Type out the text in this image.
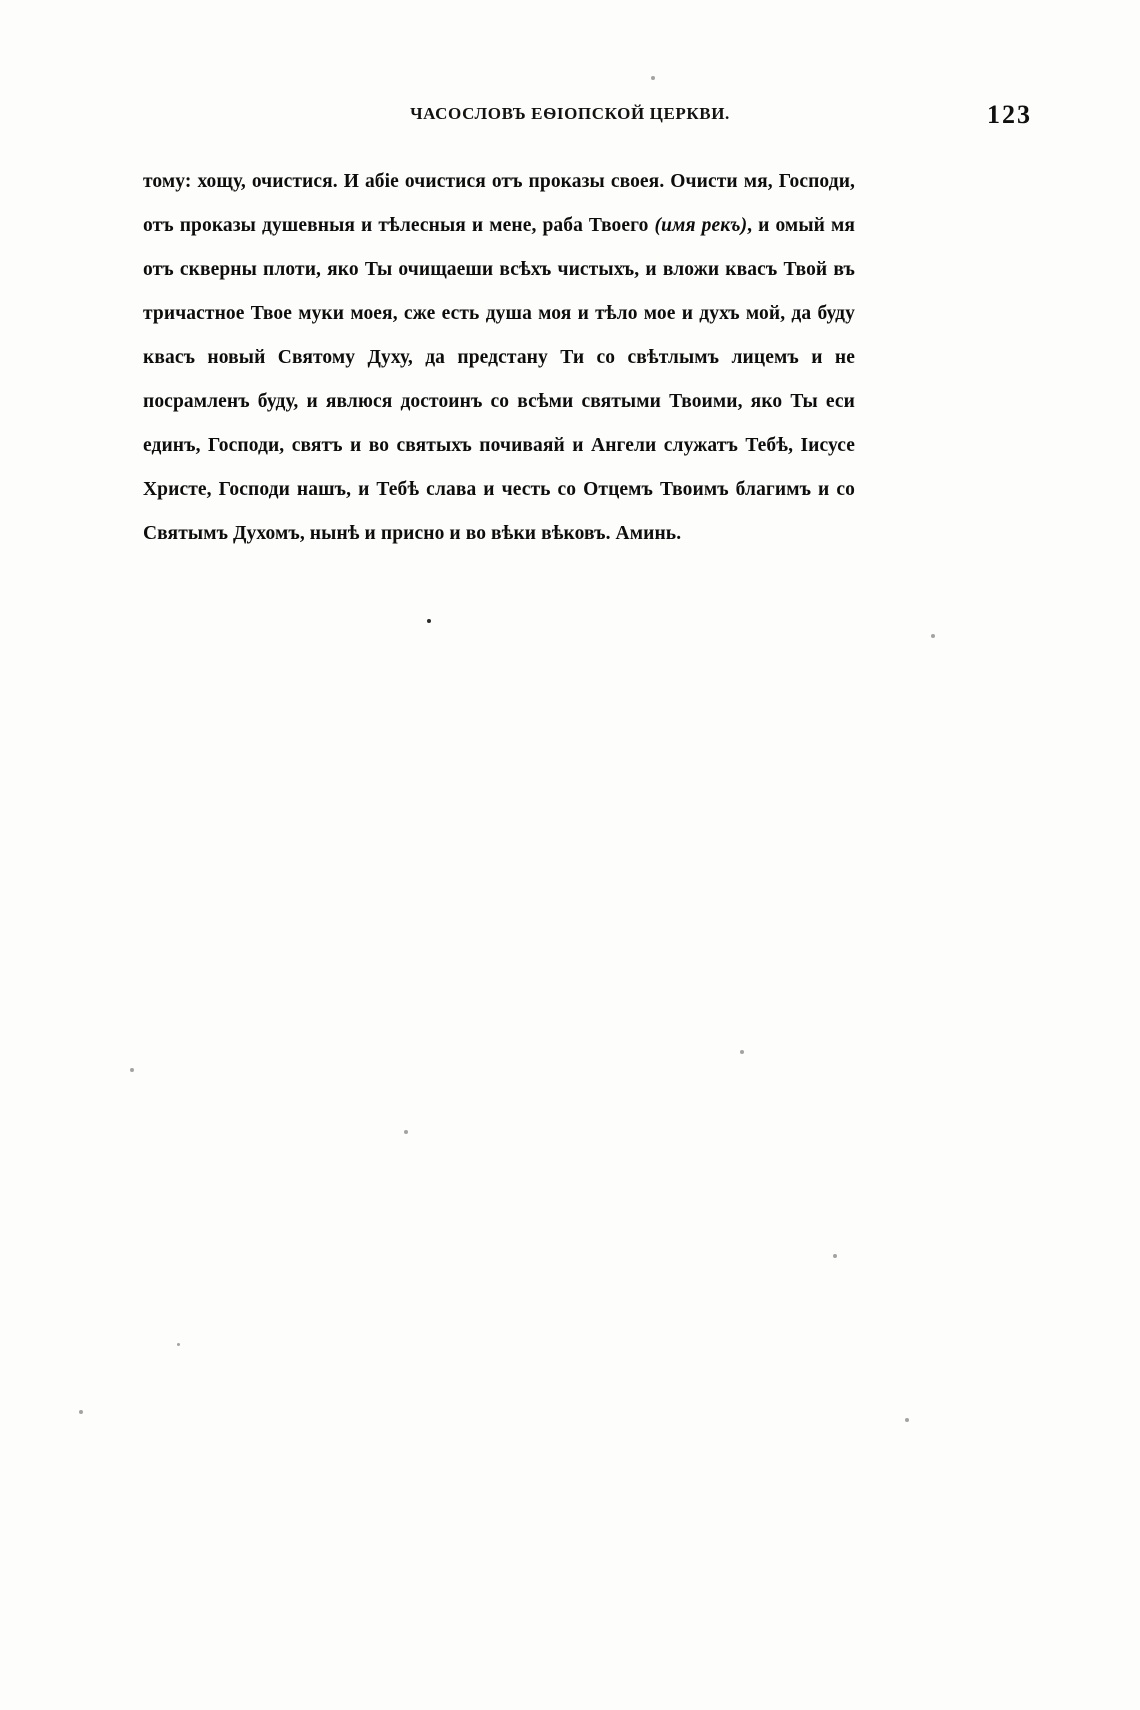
ЧАСОСЛОВЪ ЕѲІОПСКОЙ ЦЕРКВИ.	123

тому: хощу, очистися. И абіе очистися отъ проказы своея. Очисти мя, Господи, отъ проказы душевныя и тѣлесныя и мене, раба Твоего (имя рекъ), и омый мя отъ скверны плоти, яко Ты очищаеши всѣхъ чистыхъ, и вложи квасъ Твой въ тричастное Твое муки моея, сже есть душа моя и тѣло мое и духъ мой, да буду квасъ новый Святому Духу, да предстану Ти со свѣтлымъ лицемъ и не посрамленъ буду, и явлюся достоинъ со всѣми святыми Твоими, яко Ты еси единъ, Господи, святъ и во святыхъ почиваяй и Ангели служатъ Тебѣ, Іисусе Христе, Господи нашъ, и Тебѣ слава и честь со Отцемъ Твоимъ благимъ и со Святымъ Духомъ, нынѣ и присно и во вѣки вѣковъ. Аминь.
